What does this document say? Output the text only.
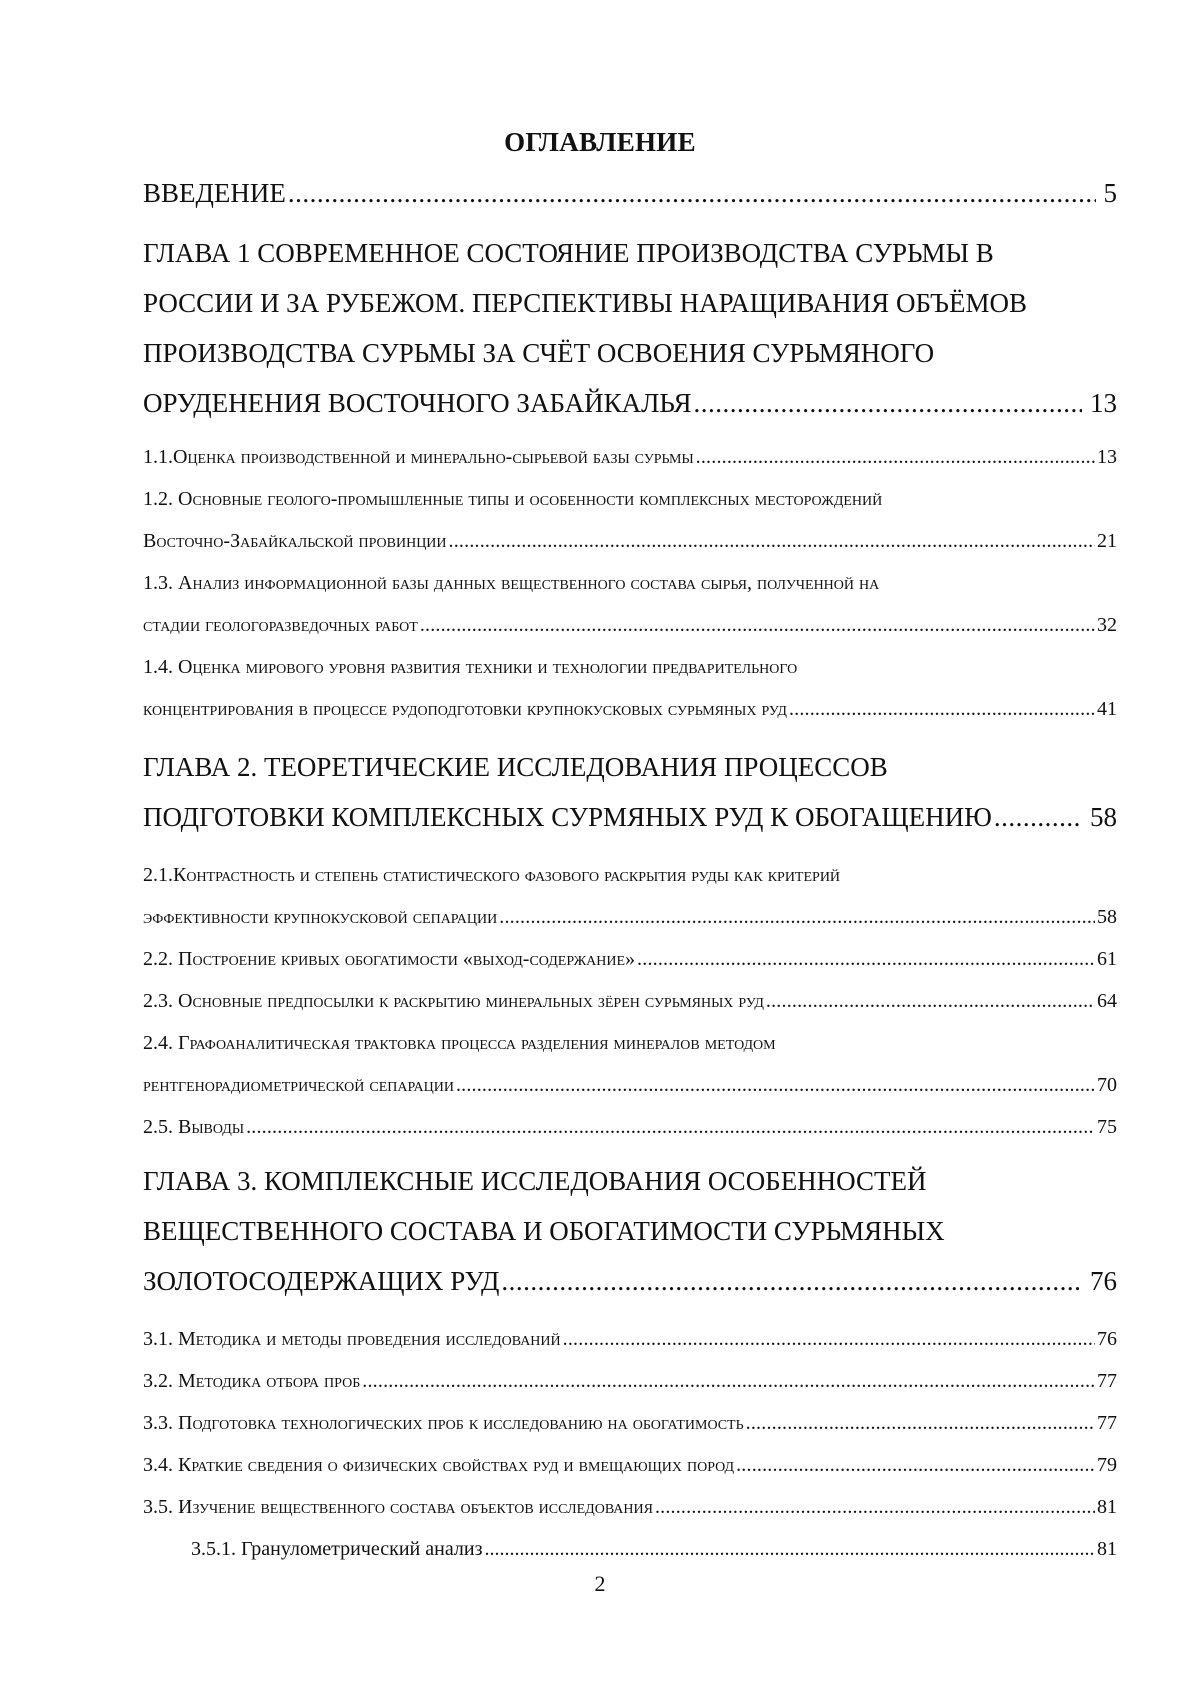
ОГЛАВЛЕНИЕ
ВВЕДЕНИЕ .....	5
ГЛАВА 1 СОВРЕМЕННОЕ СОСТОЯНИЕ ПРОИЗВОДСТВА СУРЬМЫ В
РОССИИ И ЗА РУБЕЖОМ. ПЕРСПЕКТИВЫ НАРАЩИВАНИЯ ОБЪЁМОВ
ПРОИЗВОДСТВА СУРЬМЫ ЗА СЧЁТ ОСВОЕНИЯ СУРЬМЯНОГО
ОРУДЕНЕНИЯ ВОСТОЧНОГО ЗАБАЙКАЛЬЯ .....	13
1.1. Оценка производственной и минерально-сырьевой базы сурьмы .....	13
1.2. Основные геолого-промышленные типы и особенности комплексных месторождений
Восточно-Забайкальской провинции .....	21
1.3. Анализ информационной базы данных вещественного состава сырья, полученной на
стадии геологоразведочных работ .....	32
1.4. Оценка мирового уровня развития техники и технологии предварительного
концентрирования в процессе рудоподготовки крупнокусковых сурьмяных руд .....	41
ГЛАВА 2. ТЕОРЕТИЧЕСКИЕ ИССЛЕДОВАНИЯ ПРОЦЕССОВ
ПОДГОТОВКИ КОМПЛЕКСНЫХ СУРМЯНЫХ РУД К ОБОГАЩЕНИЮ .....	58
2.1.Контрастность и степень статистического фазового раскрытия руды как критерий
эффективности крупнокусковой сепарации .....	58
2.2. Построение кривых обогатимости «выход-содержание» .....	61
2.3. Основные предпосылки к раскрытию минеральных зёрен сурьмяных руд .....	64
2.4. Графоаналитическая трактовка процесса разделения минералов методом
рентгенорадиометрической сепарации .....	70
2.5. Выводы .....	75
ГЛАВА 3. КОМПЛЕКСНЫЕ ИССЛЕДОВАНИЯ ОСОБЕННОСТЕЙ
ВЕЩЕСТВЕННОГО СОСТАВА И ОБОГАТИМОСТИ СУРЬМЯНЫХ
ЗОЛОТОСОДЕРЖАЩИХ РУД .....	76
3.1. Методика и методы проведения исследований .....	76
3.2. Методика отбора проб .....	77
3.3. Подготовка технологических проб к исследованию на обогатимость .....	77
3.4. Краткие сведения о физических свойствах руд и вмещающих пород .....	79
3.5. Изучение вещественного состава объектов исследования .....	81
3.5.1. Гранулометрический анализ .....	81
2
